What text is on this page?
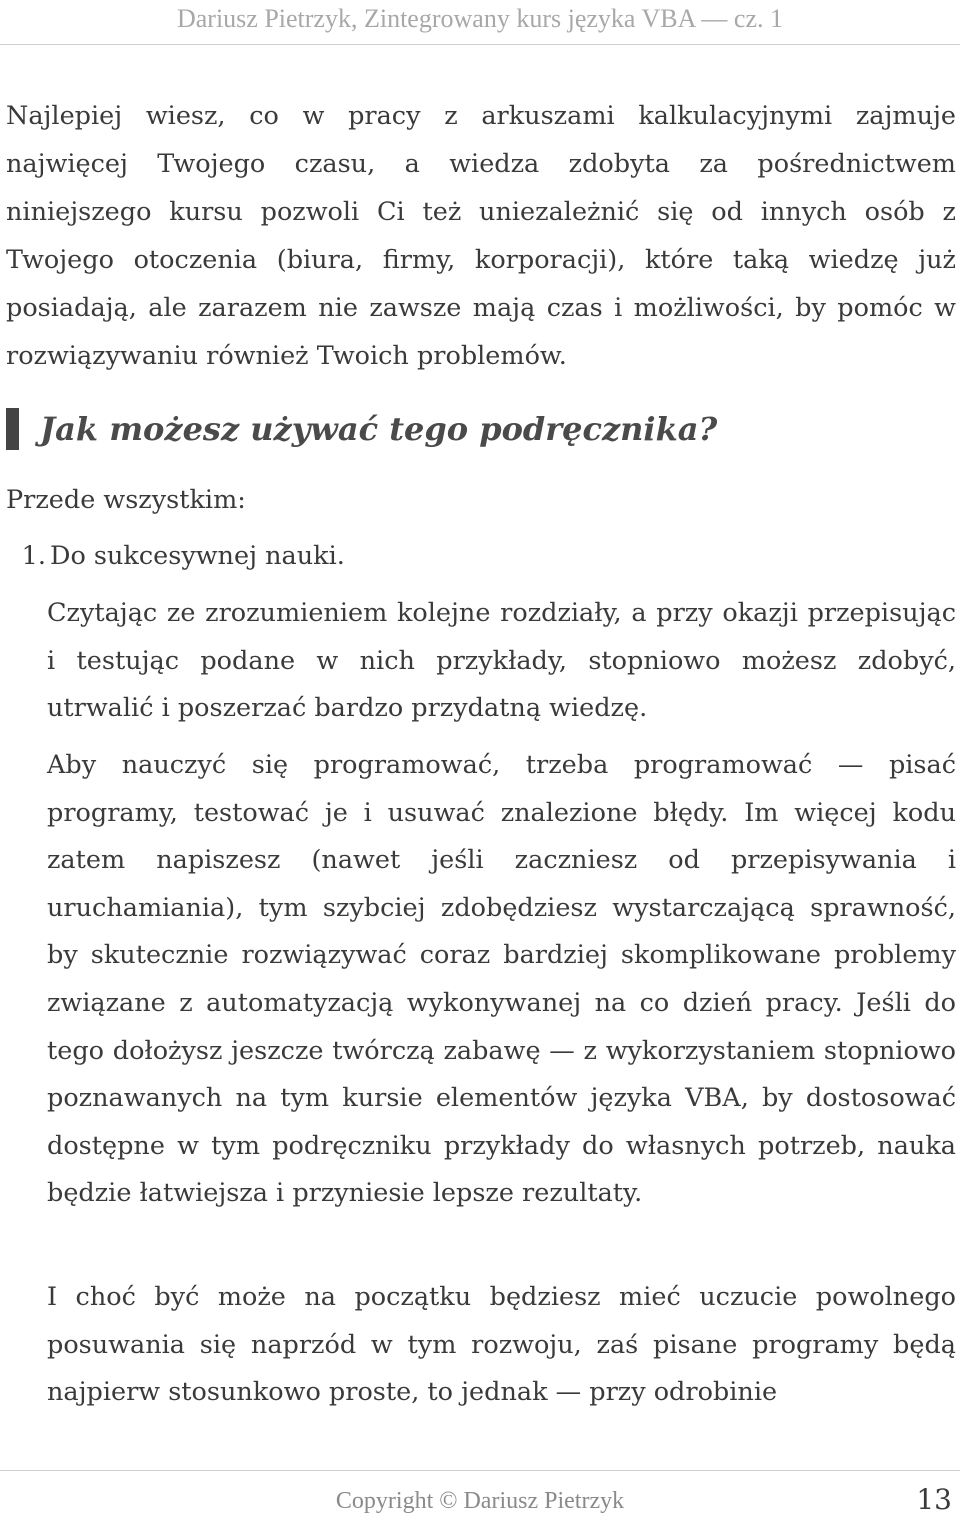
Dariusz Pietrzyk, Zintegrowany kurs języka VBA — cz. 1

Najlepiej wiesz, co w pracy z arkuszami kalkulacyjnymi zajmuje najwięcej Twojego czasu, a wiedza zdobyta za pośrednictwem niniejszego kursu pozwoli Ci też uniezależnić się od innych osób z Twojego otoczenia (biura, firmy, korporacji), które taką wiedzę już posiadają, ale zarazem nie zawsze mają czas i możliwości, by pomóc w rozwiązywaniu również Twoich problemów.

Jak możesz używać tego podręcznika?

Przede wszystkim:

1. Do sukcesywnej nauki.

Czytając ze zrozumieniem kolejne rozdziały, a przy okazji przepisując i testując podane w nich przykłady, stopniowo możesz zdobyć, utrwalić i poszerzać bardzo przydatną wiedzę.

Aby nauczyć się programować, trzeba programować — pisać programy, testować je i usuwać znalezione błędy. Im więcej kodu zatem napiszesz (nawet jeśli zaczniesz od przepisywania i uruchamiania), tym szybciej zdobędziesz wystarczającą sprawność, by skutecznie rozwiązywać coraz bardziej skomplikowane problemy związane z automatyzacją wykonywanej na co dzień pracy. Jeśli do tego dołożysz jeszcze twórczą zabawę — z wykorzystaniem stopniowo poznawanych na tym kursie elementów języka VBA, by dostosować dostępne w tym podręczniku przykłady do własnych potrzeb, nauka będzie łatwiejsza i przyniesie lepsze rezultaty.

I choć być może na początku będziesz mieć uczucie powolnego posuwania się naprzód w tym rozwoju, zaś pisane programy będą najpierw stosunkowo proste, to jednak — przy odrobinie

Copyright © Dariusz Pietrzyk	13
